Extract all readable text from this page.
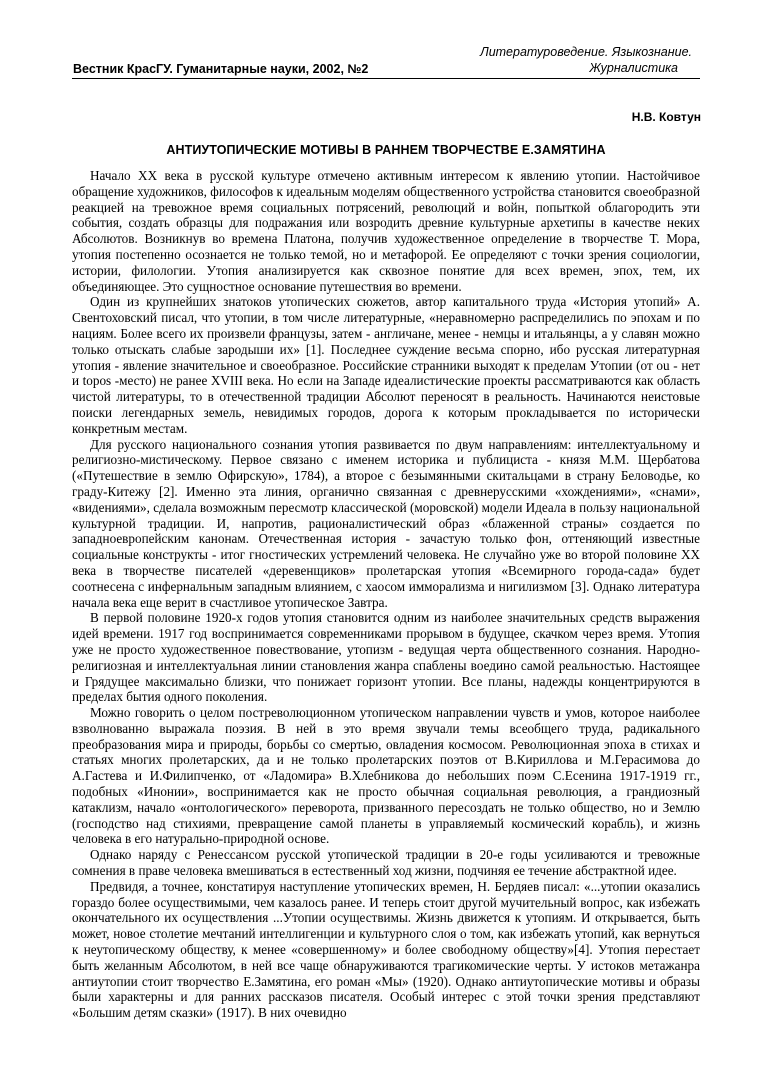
Литературоведение. Языкознание.
Журналистика
Вестник КрасГУ. Гуманитарные науки, 2002, №2
Н.В. Ковтун
АНТИУТОПИЧЕСКИЕ МОТИВЫ В РАННЕМ ТВОРЧЕСТВЕ Е.ЗАМЯТИНА

Начало XX века в русской культуре отмечено активным интересом к явлению утопии. Настойчивое обращение художников, философов к идеальным моделям общественного устройства становится своеобразной реакцией на тревожное время социальных потрясений, революций и войн, попыткой облагородить эти события, создать образцы для подражания или возродить древние культурные архетипы в качестве неких Абсолютов. Возникнув во времена Платона, получив художественное определение в творчестве Т. Мора, утопия постепенно осознается не только темой, но и метафорой. Ее определяют с точки зрения социологии, истории, филологии. Утопия анализируется как сквозное понятие для всех времен, эпох, тем, их объединяющее. Это сущностное основание путешествия во времени.

Один из крупнейших знатоков утопических сюжетов, автор капитального труда «История утопий» А. Свентоховский писал, что утопии, в том числе литературные, «неравномерно распределились по эпохам и по нациям. Более всего их произвели французы, затем - англичане, менее - немцы и итальянцы, а у славян можно только отыскать слабые зародыши их» [1]. Последнее суждение весьма спорно, ибо русская литературная утопия - явление значительное и своеобразное. Российские странники выходят к пределам Утопии (от ou - нет и topos -место) не ранее XVIII века. Но если на Западе идеалистические проекты рассматриваются как область чистой литературы, то в отечественной традиции Абсолют переносят в реальность. Начинаются неистовые поиски легендарных земель, невидимых городов, дорога к которым прокладывается по исторически конкретным местам.

Для русского национального сознания утопия развивается по двум направлениям: интеллектуальному и религиозно-мистическому. Первое связано с именем историка и публициста - князя М.М. Щербатова («Путешествие в землю Офирскую», 1784), а второе с безымянными скитальцами в страну Беловодье, ко граду-Китежу [2]. Именно эта линия, органично связанная с древнерусскими «хождениями», «снами», «видениями», сделала возможным пересмотр классической (моровской) модели Идеала в пользу национальной культурной традиции. И, напротив, рационалистический образ «блаженной страны» создается по западноевропейским канонам. Отечественная история - зачастую только фон, оттеняющий известные социальные конструкты - итог гностических устремлений человека. Не случайно уже во второй половине XX века в творчестве писателей «деревенщиков» пролетарская утопия «Всемирного города-сада» будет соотнесена с инфернальным западным влиянием, с хаосом имморализма и нигилизмом [3]. Однако литература начала века еще верит в счастливое утопическое Завтра.

В первой половине 1920-х годов утопия становится одним из наиболее значительных средств выражения идей времени. 1917 год воспринимается современниками прорывом в будущее, скачком через время. Утопия уже не просто художественное повествование, утопизм - ведущая черта общественного сознания. Народно-религиозная и интеллектуальная линии становления жанра спаблены воедино самой реальностью. Настоящее и Грядущее максимально близки, что понижает горизонт утопии. Все планы, надежды концентрируются в пределах бытия одного поколения.

Можно говорить о целом постреволюционном утопическом направлении чувств и умов, которое наиболее взволнованно выражала поэзия. В ней в это время звучали темы всеобщего труда, радикального преобразования мира и природы, борьбы со смертью, овладения космосом. Революционная эпоха в стихах и статьях многих пролетарских, да и не только пролетарских поэтов от В.Кириллова и М.Герасимова до А.Гастева и И.Филипченко, от «Ладомира» В.Хлебникова до небольших поэм С.Есенина 1917-1919 гг., подобных «Инонии», воспринимается как не просто обычная социальная революция, а грандиозный катаклизм, начало «онтологического» переворота, призванного пересоздать не только общество, но и Землю (господство над стихиями, превращение самой планеты в управляемый космический корабль), и жизнь человека в его натурально-природной основе.

Однако наряду с Ренессансом русской утопической традиции в 20-е годы усиливаются и тревожные сомнения в праве человека вмешиваться в естественный ход жизни, подчиняя ее течение абстрактной идее.

Предвидя, а точнее, констатируя наступление утопических времен, Н. Бердяев писал: «...утопии оказались гораздо более осуществимыми, чем казалось ранее. И теперь стоит другой мучительный вопрос, как избежать окончательного их осуществления ...Утопии осуществимы. Жизнь движется к утопиям. И открывается, быть может, новое столетие мечтаний интеллигенции и культурного слоя о том, как избежать утопий, как вернуться к неутопическому обществу, к менее «совершенному» и более свободному обществу»[4]. Утопия перестает быть желанным Абсолютом, в ней все чаще обнаруживаются трагикомические черты. У истоков метажанра антиутопии стоит творчество Е.Замятина, его роман «Мы» (1920). Однако антиутопические мотивы и образы были характерны и для ранних рассказов писателя. Особый интерес с этой точки зрения представляют «Большим детям сказки» (1917). В них очевидно
